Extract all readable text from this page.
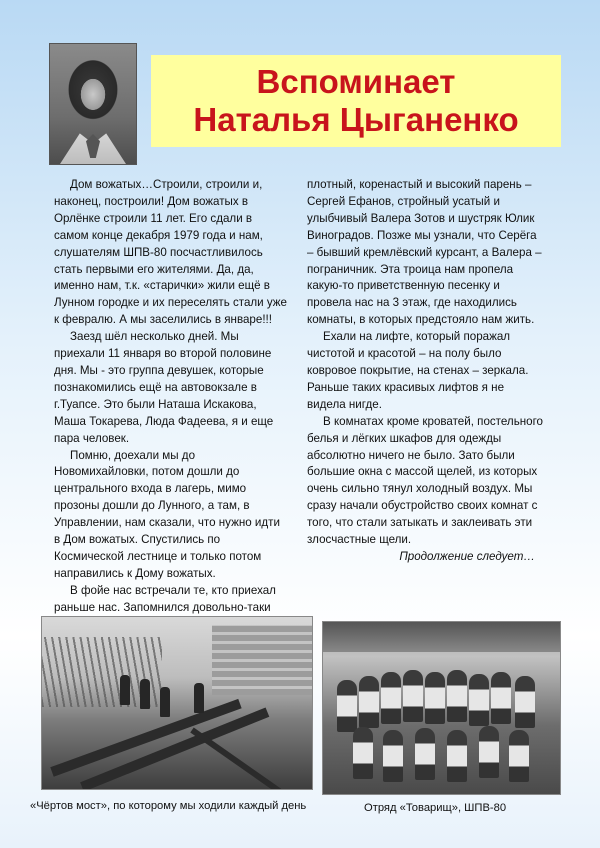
Вспоминает
Наталья Цыганенко

Дом вожатых…Строили, строили и, наконец, построили! Дом вожатых в Орлёнке строили 11 лет. Его сдали в самом конце декабря 1979 года и нам, слушателям ШПВ-80 посчастливилось стать первыми его жителями. Да, да, именно нам, т.к. «старички» жили ещё в Лунном городке и их переселять стали уже к февралю. А мы заселились в январе!!!

Заезд шёл несколько дней. Мы приехали 11 января во второй половине дня. Мы - это группа девушек, которые познакомились ещё на автовокзале в г.Туапсе. Это были Наташа Искакова, Маша Токарева, Люда Фадеева, я и еще пара человек.

Помню, доехали мы до Новомихайловки, потом дошли до центрального входа в лагерь, мимо прозоны дошли до Лунного, а там, в Управлении, нам сказали, что нужно идти в Дом вожатых. Спустились по Космической лестнице и только потом направились к Дому вожатых.

В фойе нас встречали те, кто приехал раньше нас. Запомнился довольно-таки

плотный, коренастый и высокий парень – Сергей Ефанов, стройный усатый и улыбчивый Валера Зотов и шустряк Юлик Виноградов. Позже мы узнали, что Серёга – бывший кремлёвский курсант, а Валера – пограничник. Эта троица нам пропела какую-то приветственную песенку и провела нас на 3 этаж, где находились комнаты, в которых предстояло нам жить.

Ехали на лифте, который поражал чистотой и красотой – на полу было ковровое покрытие, на стенах – зеркала. Раньше таких красивых лифтов я не видела нигде.

В комнатах кроме кроватей, постельного белья и лёгких шкафов для одежды абсолютно ничего не было. Зато были большие окна с массой щелей, из которых очень сильно тянул холодный воздух. Мы сразу начали обустройство своих комнат с того, что стали затыкать и заклеивать эти злосчастные щели.

Продолжение следует…

«Чёртов мост», по которому мы ходили каждый день	Отряд «Товарищ», ШПВ-80
